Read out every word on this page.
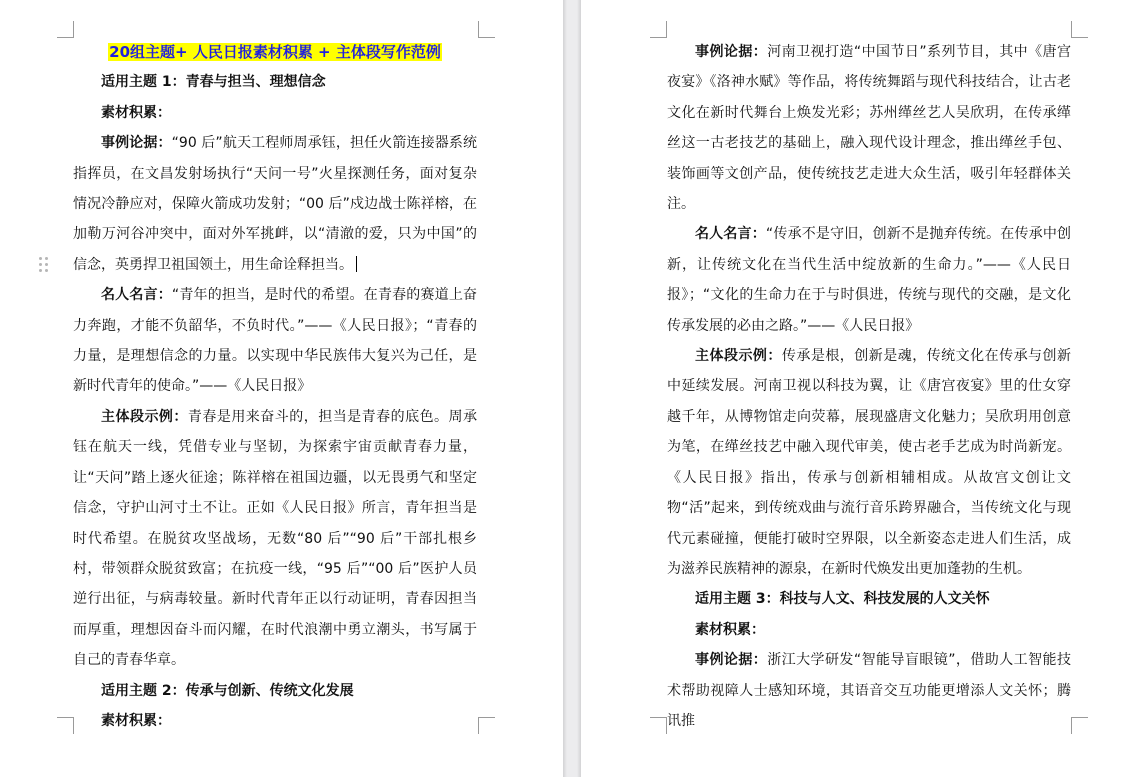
20组主题+ 人民日报素材积累 + 主体段写作范例

适用主题 1：青春与担当、理想信念

素材积累：

事例论据：“90 后”航天工程师周承钰，担任火箭连接器系统指挥员，在文昌发射场执行“天问一号”火星探测任务，面对复杂情况冷静应对，保障火箭成功发射；“00 后”戍边战士陈祥榕，在加勒万河谷冲突中，面对外军挑衅，以“清澈的爱，只为中国”的信念，英勇捍卫祖国领土，用生命诠释担当。

名人名言：“青年的担当，是时代的希望。在青春的赛道上奋力奔跑，才能不负韶华，不负时代。”——《人民日报》；“青春的力量，是理想信念的力量。以实现中华民族伟大复兴为己任，是新时代青年的使命。”——《人民日报》

主体段示例：青春是用来奋斗的，担当是青春的底色。周承钰在航天一线，凭借专业与坚韧，为探索宇宙贡献青春力量，让“天问”踏上逐火征途；陈祥榕在祖国边疆，以无畏勇气和坚定信念，守护山河寸土不让。正如《人民日报》所言，青年担当是时代希望。在脱贫攻坚战场，无数“80 后”“90 后”干部扎根乡村，带领群众脱贫致富；在抗疫一线，“95 后”“00 后”医护人员逆行出征，与病毒较量。新时代青年正以行动证明，青春因担当而厚重，理想因奋斗而闪耀，在时代浪潮中勇立潮头，书写属于自己的青春华章。

适用主题 2：传承与创新、传统文化发展

素材积累：

事例论据：河南卫视打造“中国节日”系列节目，其中《唐宫夜宴》《洛神水赋》等作品，将传统舞蹈与现代科技结合，让古老文化在新时代舞台上焕发光彩；苏州缂丝艺人吴欣玥，在传承缂丝这一古老技艺的基础上，融入现代设计理念，推出缂丝手包、装饰画等文创产品，使传统技艺走进大众生活，吸引年轻群体关注。

名人名言：“传承不是守旧，创新不是抛弃传统。在传承中创新，让传统文化在当代生活中绽放新的生命力。”——《人民日报》；“文化的生命力在于与时俱进，传统与现代的交融，是文化传承发展的必由之路。”——《人民日报》

主体段示例：传承是根，创新是魂，传统文化在传承与创新中延续发展。河南卫视以科技为翼，让《唐宫夜宴》里的仕女穿越千年，从博物馆走向荧幕，展现盛唐文化魅力；吴欣玥用创意为笔，在缂丝技艺中融入现代审美，使古老手艺成为时尚新宠。《人民日报》指出，传承与创新相辅相成。从故宫文创让文物“活”起来，到传统戏曲与流行音乐跨界融合，当传统文化与现代元素碰撞，便能打破时空界限，以全新姿态走进人们生活，成为滋养民族精神的源泉，在新时代焕发出更加蓬勃的生机。

适用主题 3：科技与人文、科技发展的人文关怀

素材积累：

事例论据：浙江大学研发“智能导盲眼镜”，借助人工智能技术帮助视障人士感知环境，其语音交互功能更增添人文关怀；腾讯推
